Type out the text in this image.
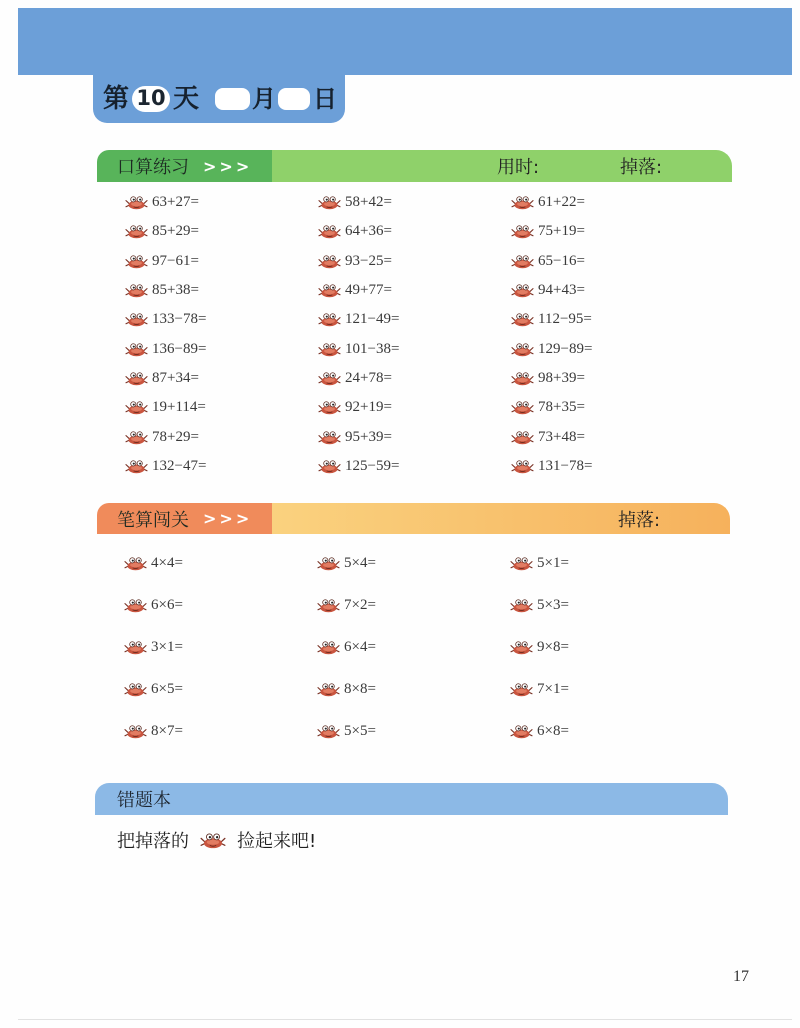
第 10 天 月 日
口算练习 >>>	用时:	掉落:
63+27=	58+42=	61+22=
85+29=	64+36=	75+19=
97−61=	93−25=	65−16=
85+38=	49+77=	94+43=
133−78=	121−49=	112−95=
136−89=	101−38=	129−89=
87+34=	24+78=	98+39=
19+114=	92+19=	78+35=
78+29=	95+39=	73+48=
132−47=	125−59=	131−78=
笔算闯关 >>>	掉落:
4×4=	5×4=	5×1=
6×6=	7×2=	5×3=
3×1=	6×4=	9×8=
6×5=	8×8=	7×1=
8×7=	5×5=	6×8=
错题本
把掉落的	捡起来吧!
17
